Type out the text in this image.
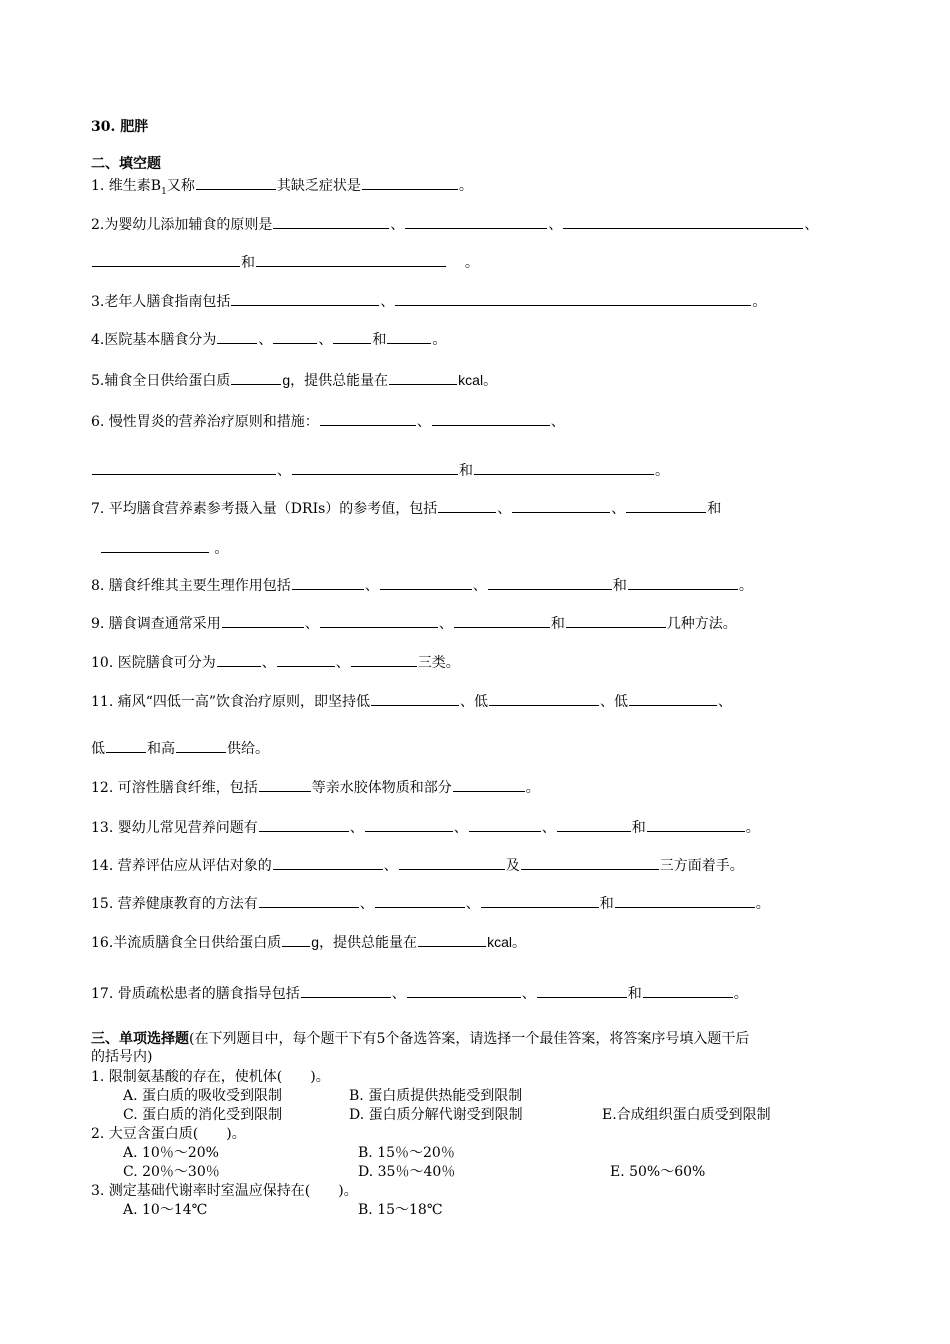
30. 肥胖
二、填空题
1. 维生素$B_1$又称	其缺乏症状是	。
2.为婴幼儿添加辅食的原则是	、	、	、
和	。
3.老年人膳食指南包括	、	。
4.医院基本膳食分为	、	、	和	。
5.辅食全日供给蛋白质	g，提供总能量在	kcal。
6. 慢性胃炎的营养治疗原则和措施：	、	、
、	和	。
7. 平均膳食营养素参考摄入量（DRIs）的参考值，包括	、	、	和
。
8. 膳食纤维其主要生理作用包括	、	、	和	。
9. 膳食调查通常采用	、	、	和	几种方法。
10. 医院膳食可分为	、	、	三类。
11. 痛风“四低一高”饮食治疗原则，即坚持低	、低	、低	、
低	和高	供给。
12. 可溶性膳食纤维，包括	等亲水胶体物质和部分	。
13. 婴幼儿常见营养问题有	、	、	、	和	。
14. 营养评估应从评估对象的	、	及	三方面着手。
15. 营养健康教育的方法有	、	、	和	。
16.半流质膳食全日供给蛋白质 g，提供总能量在	kcal。
17. 骨质疏松患者的膳食指导包括	、	、	和	。
三、单项选择题(在下列题目中，每个题干下有5个备选答案，请选择一个最佳答案，将答案序号填入题干后
的括号内)
1. 限制氨基酸的存在，使机体(　　)。
A. 蛋白质的吸收受到限制	B. 蛋白质提供热能受到限制
C. 蛋白质的消化受到限制	D. 蛋白质分解代谢受到限制	E.合成组织蛋白质受到限制
2. 大豆含蛋白质(　　)。
A. 10％～20%	B. 15％～20％
C. 20％～30％	D. 35％～40％	E. 50%～60%
3. 测定基础代谢率时室温应保持在(　　)。
A. 10～14℃	B. 15～18℃
